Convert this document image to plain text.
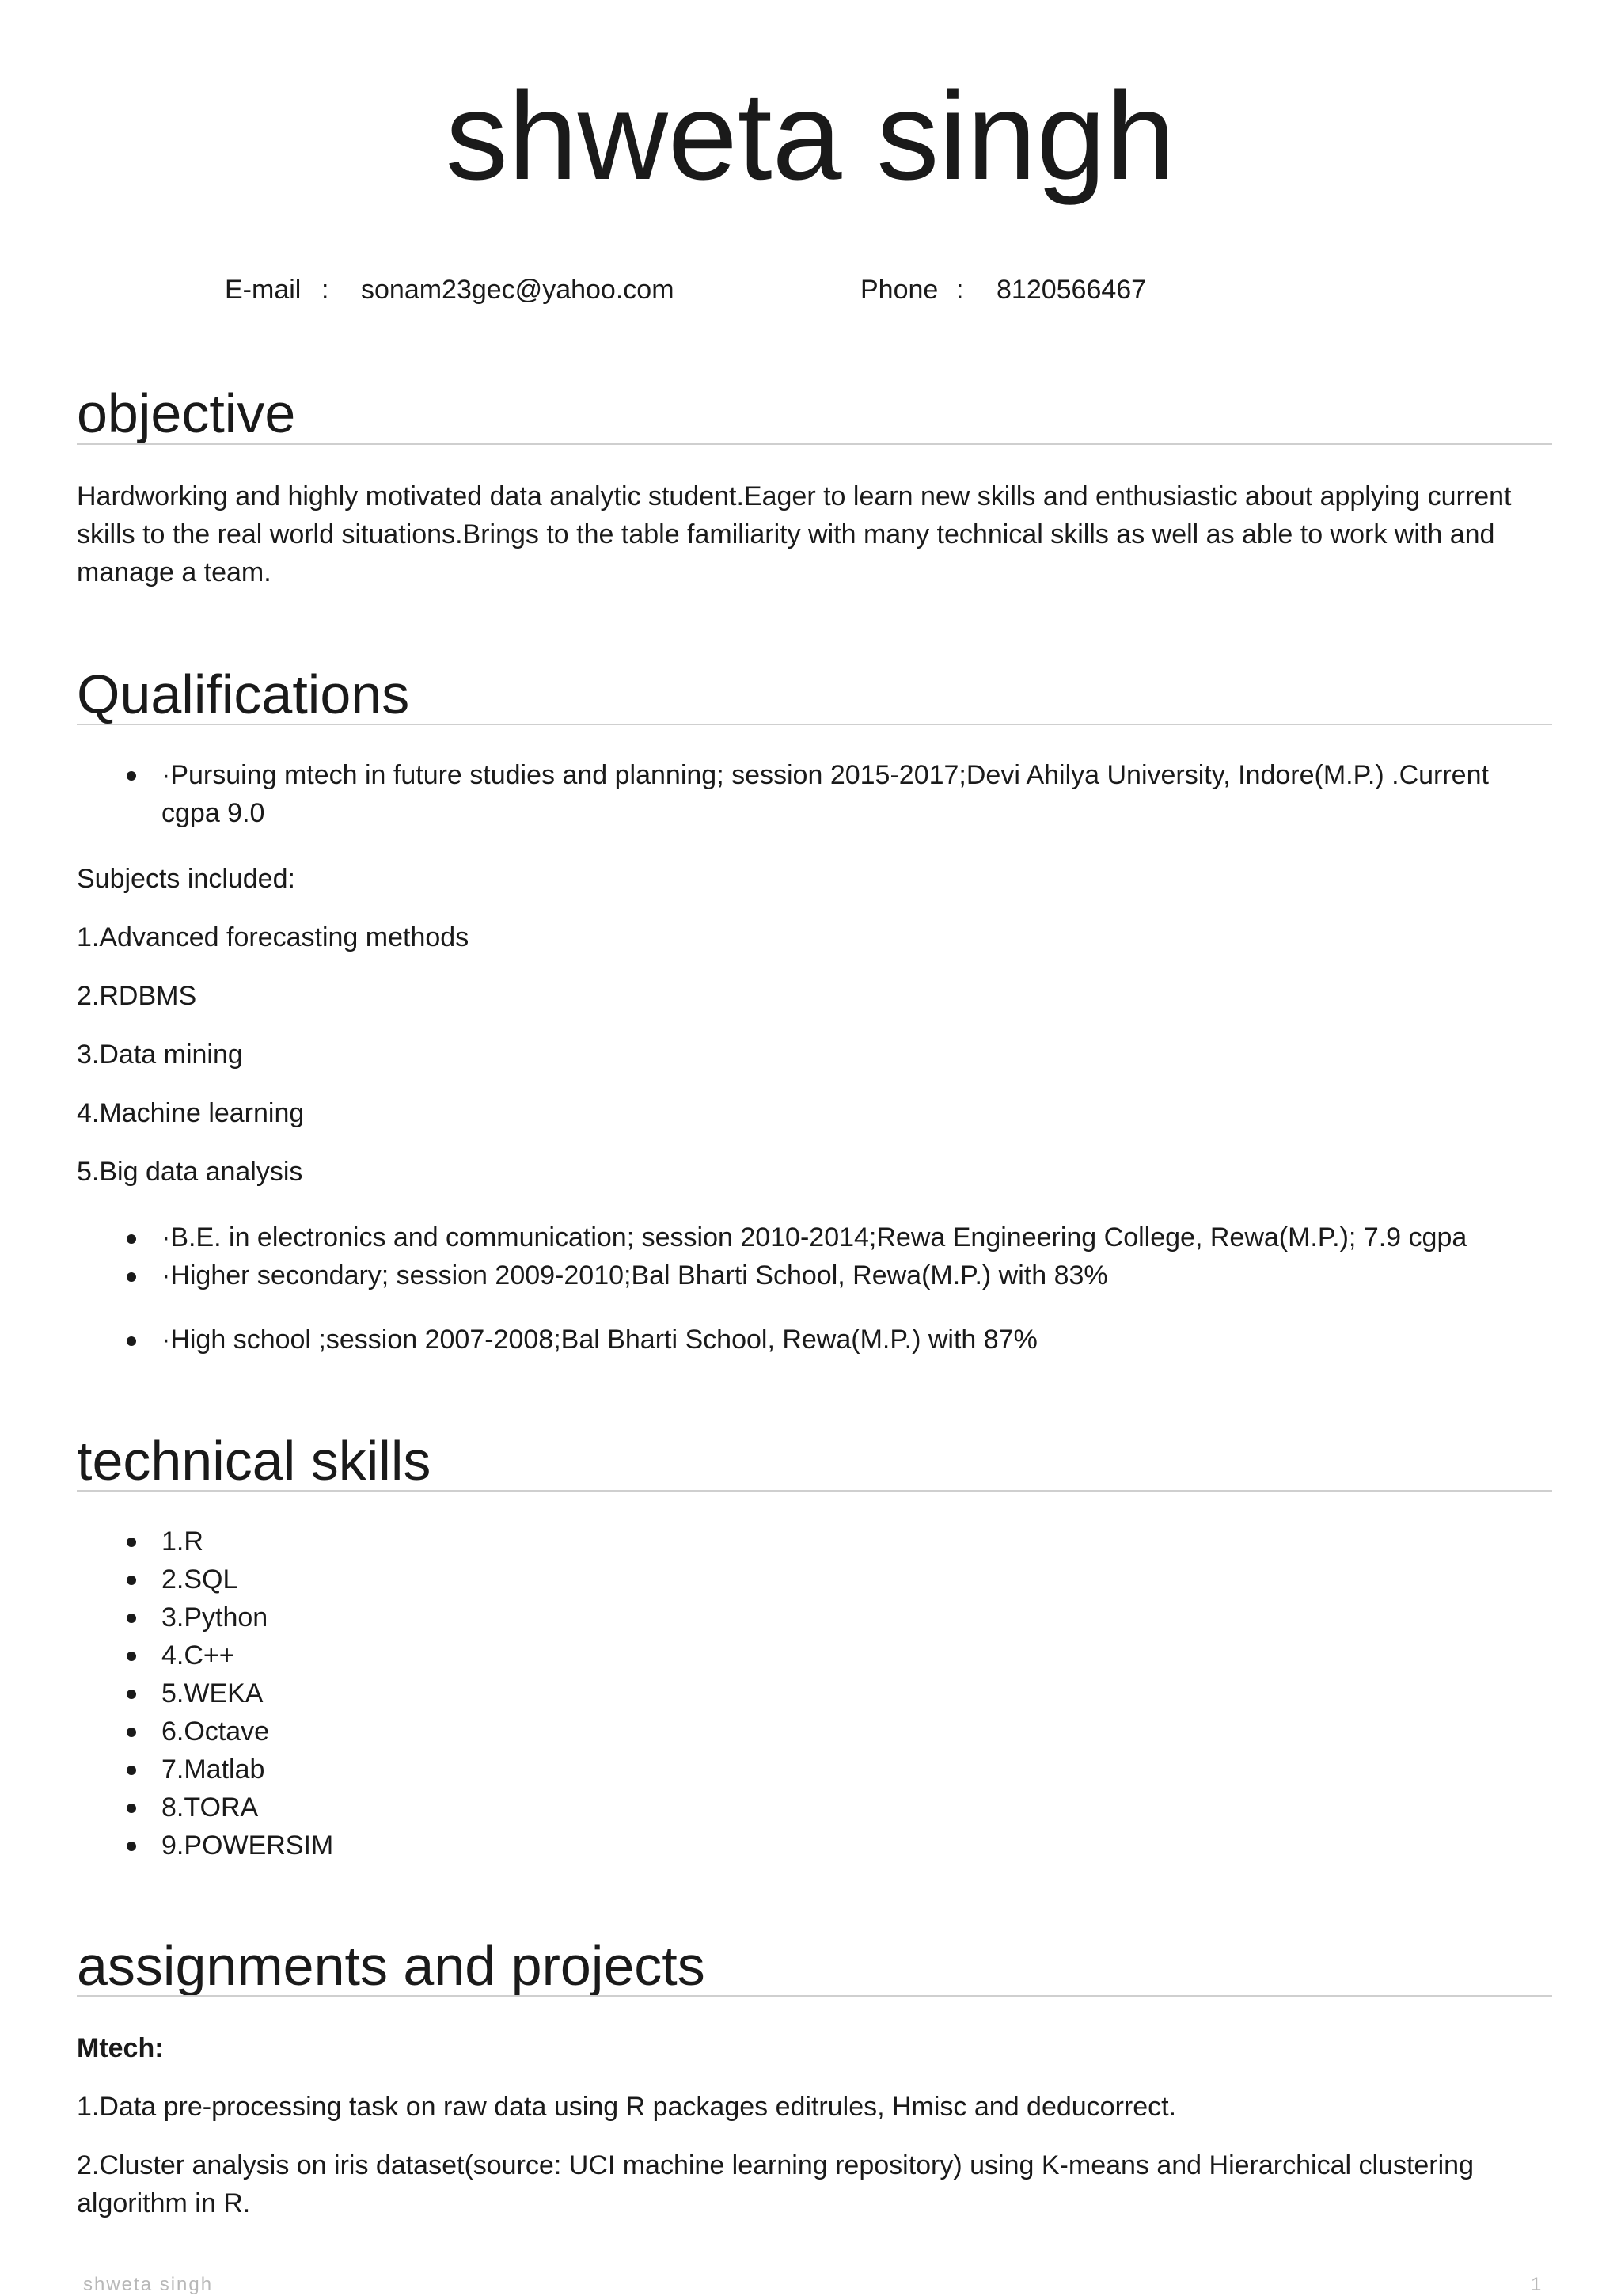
shweta singh
E-mail : sonam23gec@yahoo.com	Phone : 8120566467
objective
Hardworking and highly motivated data analytic student.Eager to learn new skills and enthusiastic about applying current skills to the real world situations.Brings to the table familiarity with many technical skills as well as able to work with and manage a team.
Qualifications
·Pursuing mtech in future studies and planning; session 2015-2017;Devi Ahilya University, Indore(M.P.) .Current cgpa 9.0
Subjects included:
1.Advanced forecasting methods
2.RDBMS
3.Data mining
4.Machine learning
5.Big data analysis
·B.E. in electronics and communication; session 2010-2014;Rewa Engineering College, Rewa(M.P.); 7.9 cgpa
·Higher secondary; session 2009-2010;Bal Bharti School, Rewa(M.P.) with 83%
·High school ;session 2007-2008;Bal Bharti School, Rewa(M.P.) with 87%
technical skills
1.R
2.SQL
3.Python
4.C++
5.WEKA
6.Octave
7.Matlab
8.TORA
9.POWERSIM
assignments and projects
Mtech:
1.Data pre-processing task on raw data using R packages editrules, Hmisc and deducorrect.
2.Cluster analysis on iris dataset(source: UCI machine learning repository) using K-means and Hierarchical clustering algorithm in R.
shweta singh	1
